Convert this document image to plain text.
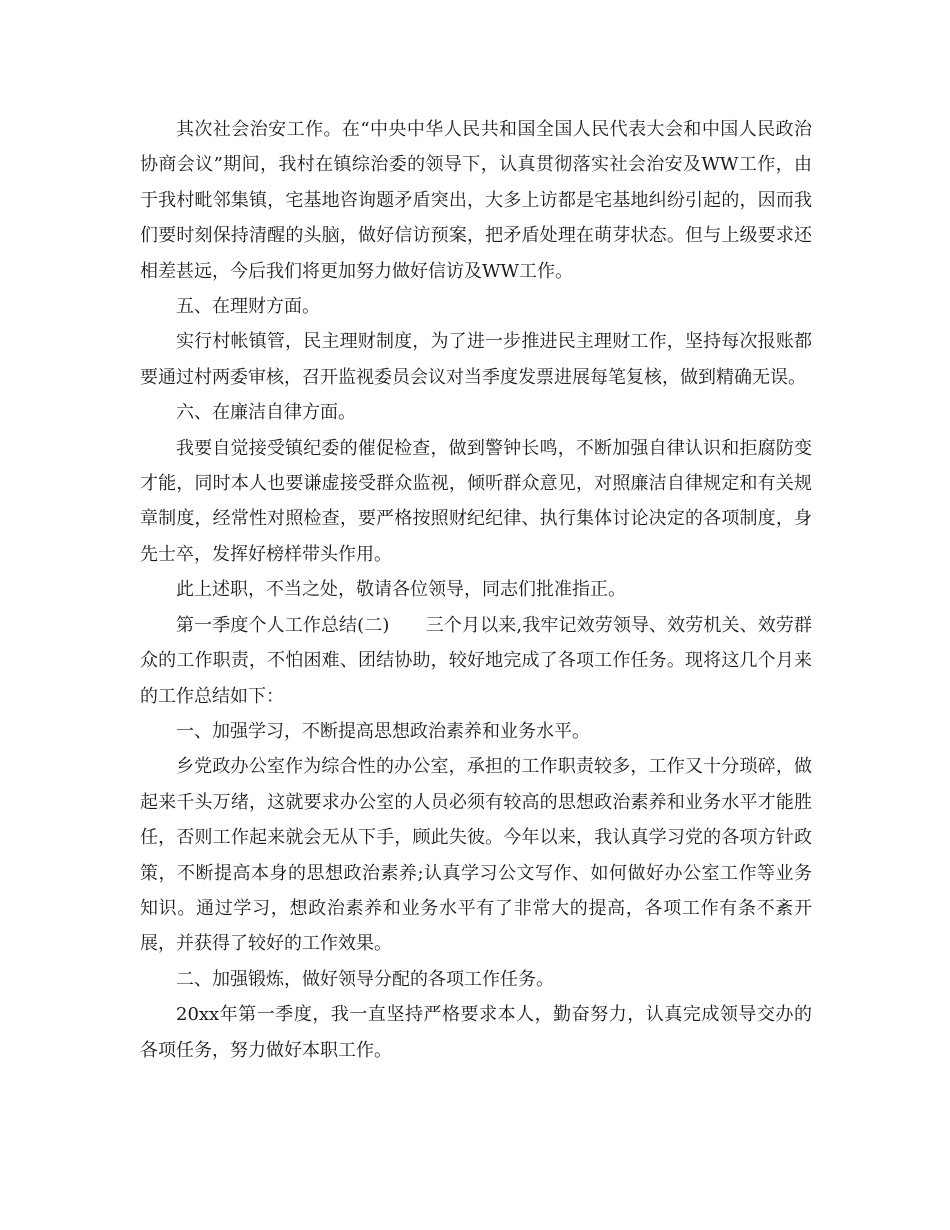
其次社会治安工作。在“中央中华人民共和国全国人民代表大会和中国人民政治协商会议”期间，我村在镇综治委的领导下，认真贯彻落实社会治安及WW工作，由于我村毗邻集镇，宅基地咨询题矛盾突出，大多上访都是宅基地纠纷引起的，因而我们要时刻保持清醒的头脑，做好信访预案，把矛盾处理在萌芽状态。但与上级要求还相差甚远，今后我们将更加努力做好信访及WW工作。

五、在理财方面。

实行村帐镇管，民主理财制度，为了进一步推进民主理财工作，坚持每次报账都要通过村两委审核，召开监视委员会议对当季度发票进展每笔复核，做到精确无误。

六、在廉洁自律方面。

我要自觉接受镇纪委的催促检查，做到警钟长鸣，不断加强自律认识和拒腐防变才能，同时本人也要谦虚接受群众监视，倾听群众意见，对照廉洁自律规定和有关规章制度，经常性对照检查，要严格按照财纪纪律、执行集体讨论决定的各项制度，身先士卒，发挥好榜样带头作用。

此上述职，不当之处，敬请各位领导，同志们批准指正。

第一季度个人工作总结(二)　　三个月以来,我牢记效劳领导、效劳机关、效劳群众的工作职责，不怕困难、团结协助，较好地完成了各项工作任务。现将这几个月来的工作总结如下：

一、加强学习，不断提高思想政治素养和业务水平。

乡党政办公室作为综合性的办公室，承担的工作职责较多，工作又十分琐碎，做起来千头万绪，这就要求办公室的人员必须有较高的思想政治素养和业务水平才能胜任，否则工作起来就会无从下手，顾此失彼。今年以来，我认真学习党的各项方针政策，不断提高本身的思想政治素养;认真学习公文写作、如何做好办公室工作等业务知识。通过学习，想政治素养和业务水平有了非常大的提高，各项工作有条不紊开展，并获得了较好的工作效果。

二、加强锻炼，做好领导分配的各项工作任务。

20xx年第一季度，我一直坚持严格要求本人，勤奋努力，认真完成领导交办的各项任务，努力做好本职工作。
